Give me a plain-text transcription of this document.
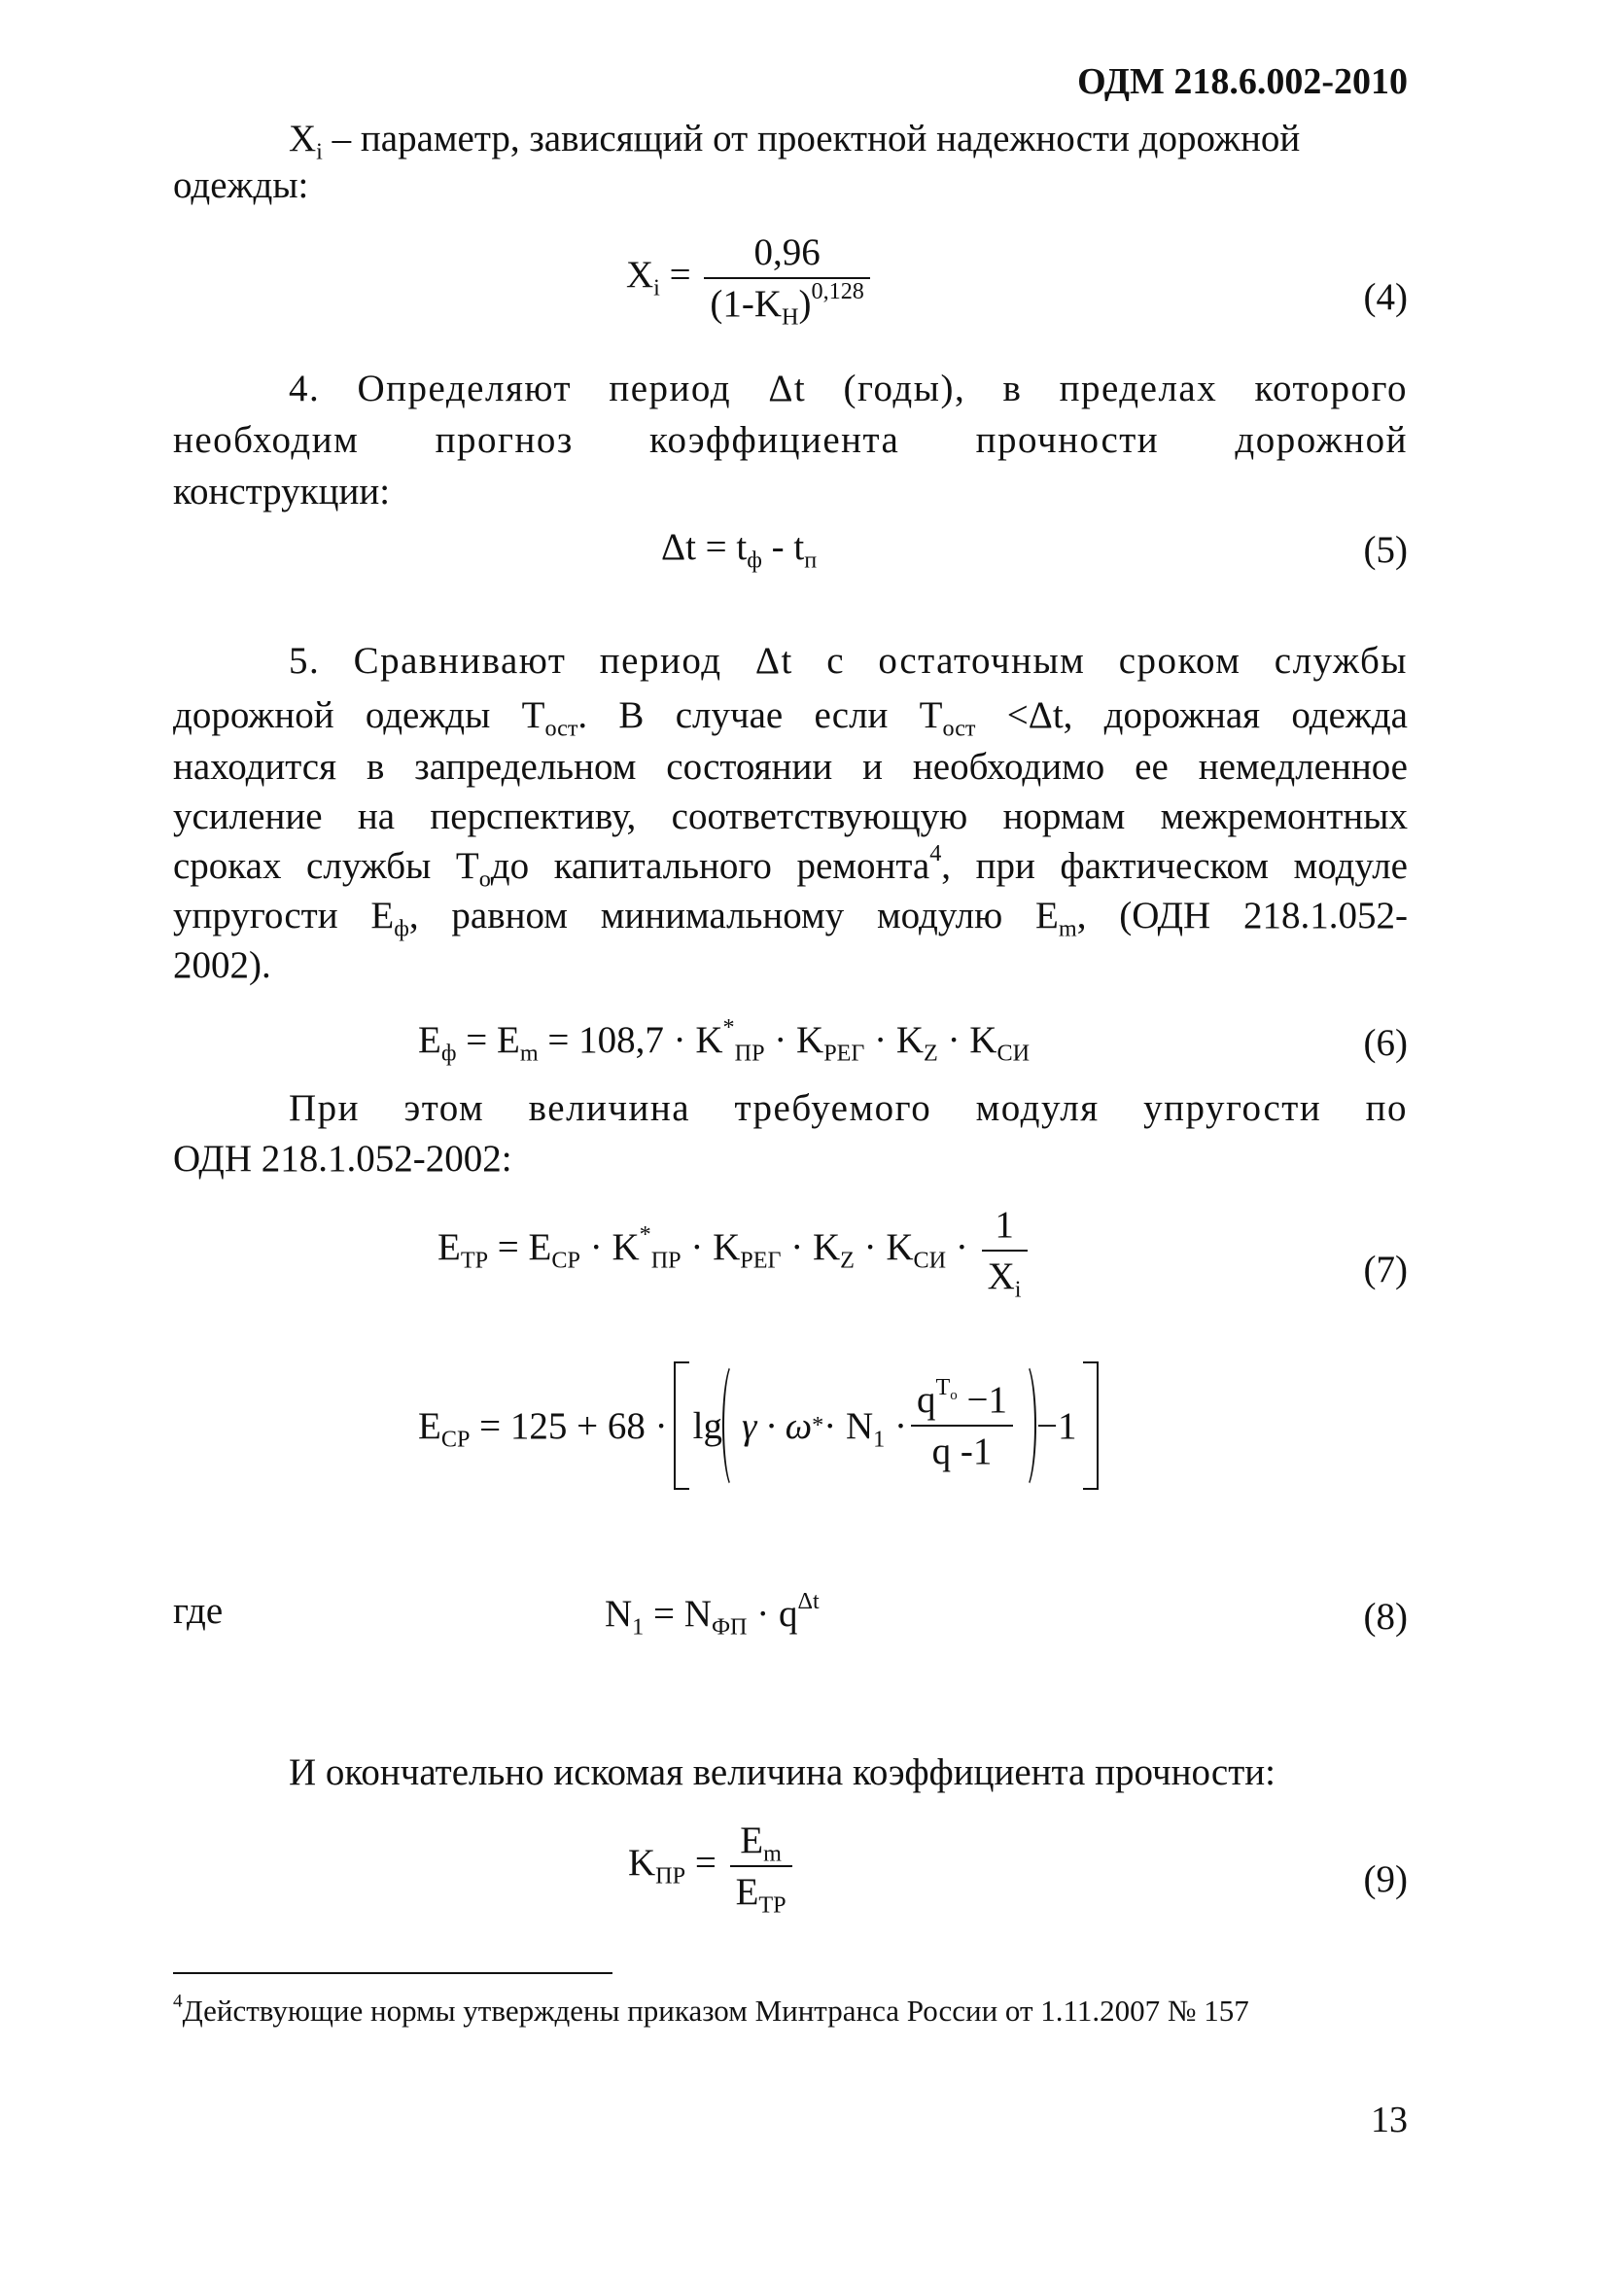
ОДМ 218.6.002-2010
$X_i$ – параметр, зависящий от проектной надежности дорожной
одежды:
$X_i = \frac{0,96}{(1-K_H)^{0,128}}$	(4)
4. Определяют период Δt (годы), в пределах которого
необходим прогноз коэффициента прочности дорожной
конструкции:
$\Delta t = t_ф - t_п$	(5)
5. Сравнивают период Δt с остаточным сроком службы
дорожной одежды $T_{ост}$. В случае если $T_{ост} <\Delta t$, дорожная одежда
находится в запредельном состоянии и необходимо ее немедленное
усиление на перспективу, соответствующую нормам межремонтных
сроках службы $T_одо$ капитального ремонта$^4$, при фактическом модуле
упругости $E_ф$, равном минимальному модулю $E_m$, (ОДН 218.1.052-
2002).
$E_ф = E_m = 108,7 \cdot K^*_{ПР} \cdot K_{РЕГ} \cdot K_Z \cdot K_{СИ}$	(6)
При этом величина требуемого модуля упругости по
ОДН 218.1.052-2002:
$E_{ТР} = E_{СР} \cdot K^*_{ПР} \cdot K_{РЕГ} \cdot K_Z \cdot K_{СИ} \cdot \frac{1}{X_i}$	(7)
$E_{СР} = 125 + 68 \cdot \lg \gamma \cdot \omega$ * · $N_1 \cdot \frac{q^{T_o} -1}{q -1} -1$
где	$N_1 = N_{ФП} \cdot q^{\Delta t}$	(8)
И окончательно искомая величина коэффициента прочности:
$K_{ПР} = \frac{E_m}{E_{ТР}}$	(9)
$^4$Действующие нормы утверждены приказом Минтранса России от 1.11.2007 № 157
13
